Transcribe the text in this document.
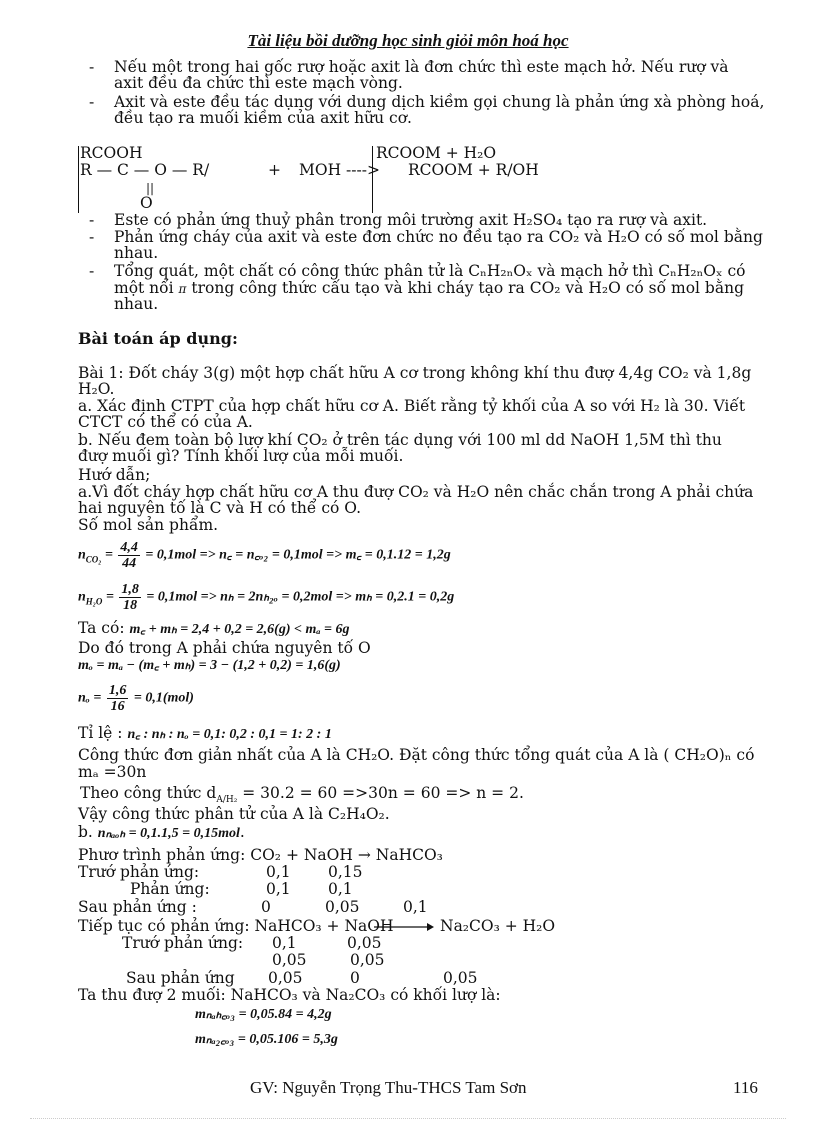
Tài liệu bồi dưỡng học sinh giỏi môn hoá học
- Nếu một trong hai gốc rượ hoặc axit là đơn chức thì este mạch hở. Nếu rượ và
axit đều đa chức thì este mạch vòng.
- Axit và este đều tác dụng với dung dịch kiềm gọi chung là phản ứng xà phòng hoá,
đều tạo ra muối kiềm của axit hữu cơ.
RCOOH	RCOOM + H₂O
R — C — O — R/	+ MOH ----> RCOOM + R/OH
||
O
- Este có phản ứng thuỷ phân trong môi trường axit H₂SO₄ tạo ra rượ và axit.
- Phản ứng cháy của axit và este đơn chức no đều tạo ra CO₂ và H₂O có số mol bằng
nhau.
- Tổng quát, một chất có công thức phân tử là CₙH₂ₙOₓ và mạch hở thì CₙH₂ₙOₓ có
một nối π trong công thức cấu tạo và khi cháy tạo ra CO₂ và H₂O có số mol bằng
nhau.
Bài toán áp dụng:
Bài 1: Đốt cháy 3(g) một hợp chất hữu A cơ trong không khí thu đượ 4,4g CO₂ và 1,8g
H₂O.
a. Xác định CTPT của hợp chất hữu cơ A. Biết rằng tỷ khối của A so với H₂ là 30. Viết
CTCT có thể có của A.
b. Nếu đem toàn bộ lượ khí CO₂ ở trên tác dụng với 100 ml dd NaOH 1,5M thì thu
đượ muối gì? Tính khối lượ của mỗi muối.
Hướ dẫn;
a.Vì đốt cháy hợp chất hữu cơ A thu đượ CO₂ và H₂O nên chắc chắn trong A phải chứa
hai nguyên tố là C và H có thể có O.
Số mol sản phẩm.
$n_{CO_2} = \frac{4,4}{44} = 0,1mol$ => n꜀ = n꜀ₒ₂ = 0,1mol => m꜀ = 0,1.12 = 1,2g
$n_{H_2O} = \frac{1,8}{18} = 0,1mol => n_h = 2n_{h2o} = 0,2mol => m_h = 0,2.1 = 0,2g$
Ta có: m꜀ + mₕ = 2,4 + 0,2 = 2,6(g) < mₐ = 6g
Do đó trong A phải chứa nguyên tố O
mₒ = mₐ − (m꜀ + mₕ) = 3 − (1,2 + 0,2) = 1,6(g)
$n_o = \frac{1,6}{16} = 0,1(mol)$
Tỉ lệ : n꜀ : nₕ : nₒ = 0,1: 0,2 : 0,1 = 1: 2 : 1
Công thức đơn giản nhất của A là CH₂O. Đặt công thức tổng quát của A là ( CH₂O)ₙ có
mₐ =30n
Theo công thức $d_{A/H_2} = 30.2 = 60 =>30n = 60 => n = 2$.
Vậy công thức phân tử của A là C₂H₄O₂.
b. nₙₐₒₕ = 0,1.1,5 = 0,15mol.
Phươ trình phản ứng: CO₂ + NaOH → NaHCO₃
Trướ phản ứng:	0,1 0,15
Phản ứng:	0,1 0,1
Sau phản ứng :	0	0,05	0,1
Tiếp tục có phản ứng: NaHCO₃ + NaOH	Na₂CO₃ + H₂O
Trướ phản ứng: 0,1	0,05
0,05	0,05
Sau phản ứng 0,05	0	0,05
Ta thu đượ 2 muối: NaHCO₃ và Na₂CO₃ có khối lượ là:
mₙₐₕ꜀ₒ₃ = 0,05.84 = 4,2g
mₙₐ₂꜀ₒ₃ = 0,05.106 = 5,3g
GV: Nguyễn Trọng Thu-THCS Tam Sơn	116
